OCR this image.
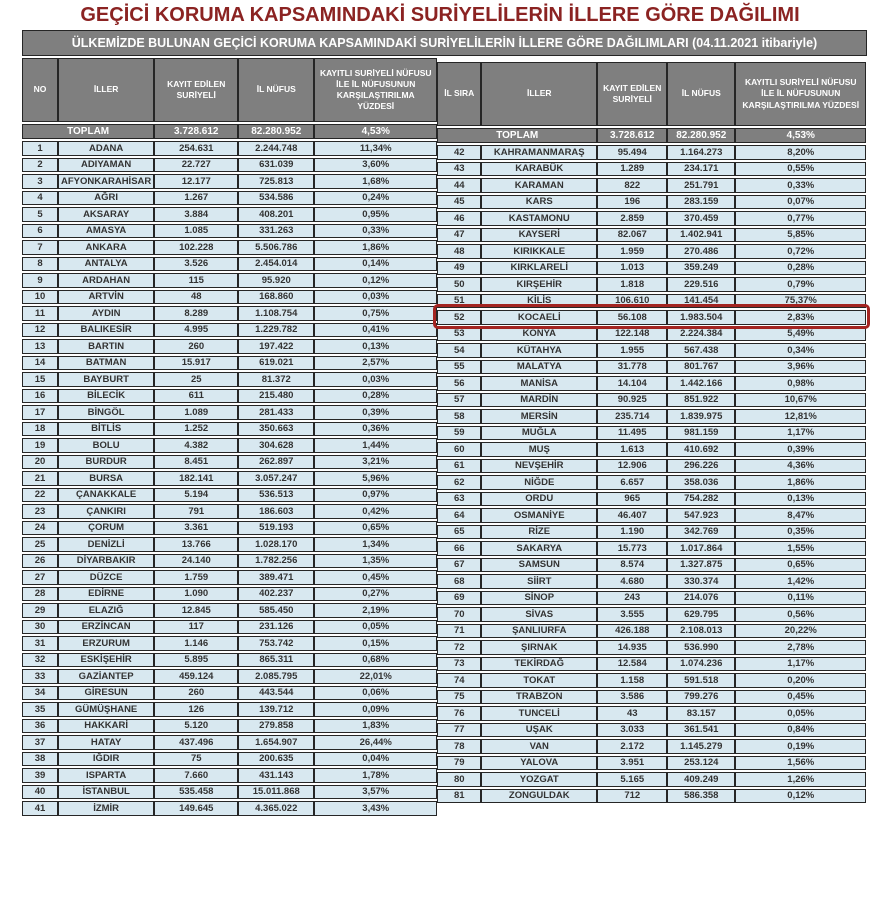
GEÇİCİ KORUMA KAPSAMINDAKİ SURİYELİLERİN İLLERE GÖRE DAĞILIMI
ÜLKEMİZDE BULUNAN GEÇİCİ KORUMA KAPSAMINDAKİ SURİYELİLERİN İLLERE GÖRE DAĞILIMLARI (04.11.2021 itibariyle)
NO	İLLER	KAYIT EDİLEN SURİYELİ	İL NÜFUS	KAYITLI SURİYELİ NÜFUSU İLE İL NÜFUSUNUN KARŞILAŞTIRILMA YÜZDESİ
TOPLAM		3.728.612	82.280.952	4,53%
1	ADANA	254.631	2.244.748	11,34%
2	ADIYAMAN	22.727	631.039	3,60%
3	AFYONKARAHİSAR	12.177	725.813	1,68%
4	AĞRI	1.267	534.586	0,24%
5	AKSARAY	3.884	408.201	0,95%
6	AMASYA	1.085	331.263	0,33%
7	ANKARA	102.228	5.506.786	1,86%
8	ANTALYA	3.526	2.454.014	0,14%
9	ARDAHAN	115	95.920	0,12%
10	ARTVİN	48	168.860	0,03%
11	AYDIN	8.289	1.108.754	0,75%
12	BALIKESİR	4.995	1.229.782	0,41%
13	BARTIN	260	197.422	0,13%
14	BATMAN	15.917	619.021	2,57%
15	BAYBURT	25	81.372	0,03%
16	BİLECİK	611	215.480	0,28%
17	BİNGÖL	1.089	281.433	0,39%
18	BİTLİS	1.252	350.663	0,36%
19	BOLU	4.382	304.628	1,44%
20	BURDUR	8.451	262.897	3,21%
21	BURSA	182.141	3.057.247	5,96%
22	ÇANAKKALE	5.194	536.513	0,97%
23	ÇANKIRI	791	186.603	0,42%
24	ÇORUM	3.361	519.193	0,65%
25	DENİZLİ	13.766	1.028.170	1,34%
26	DİYARBAKIR	24.140	1.782.256	1,35%
27	DÜZCE	1.759	389.471	0,45%
28	EDİRNE	1.090	402.237	0,27%
29	ELAZIĞ	12.845	585.450	2,19%
30	ERZİNCAN	117	231.126	0,05%
31	ERZURUM	1.146	753.742	0,15%
32	ESKİŞEHİR	5.895	865.311	0,68%
33	GAZİANTEP	459.124	2.085.795	22,01%
34	GİRESUN	260	443.544	0,06%
35	GÜMÜŞHANE	126	139.712	0,09%
36	HAKKARİ	5.120	279.858	1,83%
37	HATAY	437.496	1.654.907	26,44%
38	IĞDIR	75	200.635	0,04%
39	ISPARTA	7.660	431.143	1,78%
40	İSTANBUL	535.458	15.011.868	3,57%
41	İZMİR	149.645	4.365.022	3,43%
İL SIRA	İLLER	KAYIT EDİLEN SURİYELİ	İL NÜFUS	KAYITLI SURİYELİ NÜFUSU İLE İL NÜFUSUNUN KARŞILAŞTIRILMA YÜZDESİ
TOPLAM		3.728.612	82.280.952	4,53%
42	KAHRAMANMARAŞ	95.494	1.164.273	8,20%
43	KARABÜK	1.289	234.171	0,55%
44	KARAMAN	822	251.791	0,33%
45	KARS	196	283.159	0,07%
46	KASTAMONU	2.859	370.459	0,77%
47	KAYSERİ	82.067	1.402.941	5,85%
48	KIRIKKALE	1.959	270.486	0,72%
49	KIRKLARELİ	1.013	359.249	0,28%
50	KIRŞEHİR	1.818	229.516	0,79%
51	KİLİS	106.610	141.454	75,37%
52	KOCAELİ	56.108	1.983.504	2,83%
53	KONYA	122.148	2.224.384	5,49%
54	KÜTAHYA	1.955	567.438	0,34%
55	MALATYA	31.778	801.767	3,96%
56	MANİSA	14.104	1.442.166	0,98%
57	MARDİN	90.925	851.922	10,67%
58	MERSİN	235.714	1.839.975	12,81%
59	MUĞLA	11.495	981.159	1,17%
60	MUŞ	1.613	410.692	0,39%
61	NEVŞEHİR	12.906	296.226	4,36%
62	NİĞDE	6.657	358.036	1,86%
63	ORDU	965	754.282	0,13%
64	OSMANİYE	46.407	547.923	8,47%
65	RİZE	1.190	342.769	0,35%
66	SAKARYA	15.773	1.017.864	1,55%
67	SAMSUN	8.574	1.327.875	0,65%
68	SİİRT	4.680	330.374	1,42%
69	SİNOP	243	214.076	0,11%
70	SİVAS	3.555	629.795	0,56%
71	ŞANLIURFA	426.188	2.108.013	20,22%
72	ŞIRNAK	14.935	536.990	2,78%
73	TEKİRDAĞ	12.584	1.074.236	1,17%
74	TOKAT	1.158	591.518	0,20%
75	TRABZON	3.586	799.276	0,45%
76	TUNCELİ	43	83.157	0,05%
77	UŞAK	3.033	361.541	0,84%
78	VAN	2.172	1.145.279	0,19%
79	YALOVA	3.951	253.124	1,56%
80	YOZGAT	5.165	409.249	1,26%
81	ZONGULDAK	712	586.358	0,12%
